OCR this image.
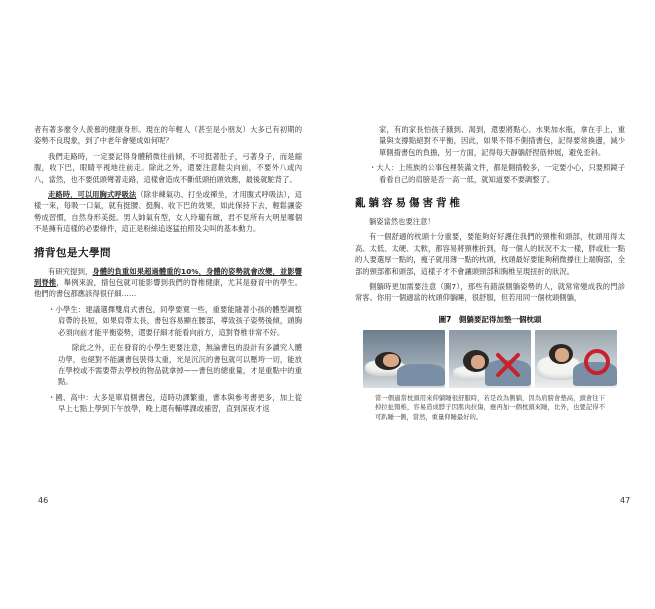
者有著多麼令人羨慕的健康身形。現在的年輕人（甚至是小朋友）大多已有初期的姿勢不良現象，到了中老年會變成如何呢？

我們走路時，一定要記得身體稍微往前傾，不可挺著肚子，弓著身子，而是縮腹，收下巴，眼睛平視地往前走。除此之外，還要注意鞋尖向前，不要外八或內八，當然，也不要低頭彎著走路，這樣會造成不斷低頭拍頭效應，最後就駝背了。

走路時，可以用胸式呼吸法（除非練氣功、打坐或禪坐，才用腹式呼吸法），這樣一來，每吸一口氣，就有挺腰、挺胸、收下巴的效果，如此保持下去，輕鬆讓姿勢成習慣，自然身形美挺。男人帥氣有型，女人玲瓏有緻，君不見所有大明星哪個不是擁有這樣的必要條件，這正是粉絲追逐猛拍照及尖叫的基本動力。

揹背包是大學問

有研究提到，身體的負重如果超過體重的10%，身體的姿勢就會改變，並影響到脊椎，舉例來說，揹包包就可能影響到我們的脊椎健康，尤其是發育中的學生。他們的書包都應該得很仔細……

・小學生：建議選擇雙肩式書包，同學要寬一些，重要能隨著小孩的體型調整肩帶的長短，如果肩帶太長，書包容易顯在腰部，導致孩子姿勢後傾，頭胸必須向前才能平衡姿勢，還要仔細才能看向前方，這對脊椎非常不好。

除此之外，正在發育的小學生更要注意，無論書包的設計有多讀究人體功學，也絕對不能讓書包裝得太重，光是沉沉的書包就可以壓垮一切，能放在學校或不需要帶去學校的物品就拿掉——書包的總重量，才是重點中的重點。

・國、高中：大多是單肩側書包，這時功課繁重，書本與參考書更多，加上從早上七點上學到下午放學，晚上還有輔導課或補習，直到深夜才返

46

家，有的家長怕孩子餓到、渴到，還要將點心、水果加水瓶，拿在手上，重量與支撐點絕對不平衡，因此，如果不得不側揹書包，記得要常換邊，減少單側揹書包的負擔，另一方面，記得每天靜躺舒捏筋伸展，避免歪斜。

・大人：上班族的公事包裡裝滿文件，都是側揹較多，一定要小心，只要照鏡子看看自己的肩膀是否一高一低，就知道要不要調整了。

亂躺容易傷害背椎

躺姿當然也要注意！

有一個舒適的枕頭十分重要，要能夠好好護住我們的頸椎和頭部，枕頭用得太高、太低、太硬、太軟，都容易將頸椎折到，每一個人的狀況不太一樣，胖或壯一點的人要選厚一點的，瘦子就用薄一點的枕頭，枕頭最好要能夠稍微撐住上端胸部，全部的頸部都和頭部，這樣子才不會讓頭頸部和胸椎呈現扭折的狀況。

側躺時更加需要注意（圖7），那些有錯誤側躺姿勢的人，就常常變成我的門診常客。你用一個適當的枕頭仰躺睡，很舒服，但若用同一個枕頭側躺，

圖7　側躺要記得加墊一個枕頭

當一個適當枕頭用來仰躺睡很舒服時，若是改為側躺，因為肩膀會墊高，頭會往下掉拉扯頸椎，容易造成脖子因肌肉拉傷，應再加一個枕頭來睡，比外，也要記得不可趴睡一側，當然，重量仰睡最好的。

47
